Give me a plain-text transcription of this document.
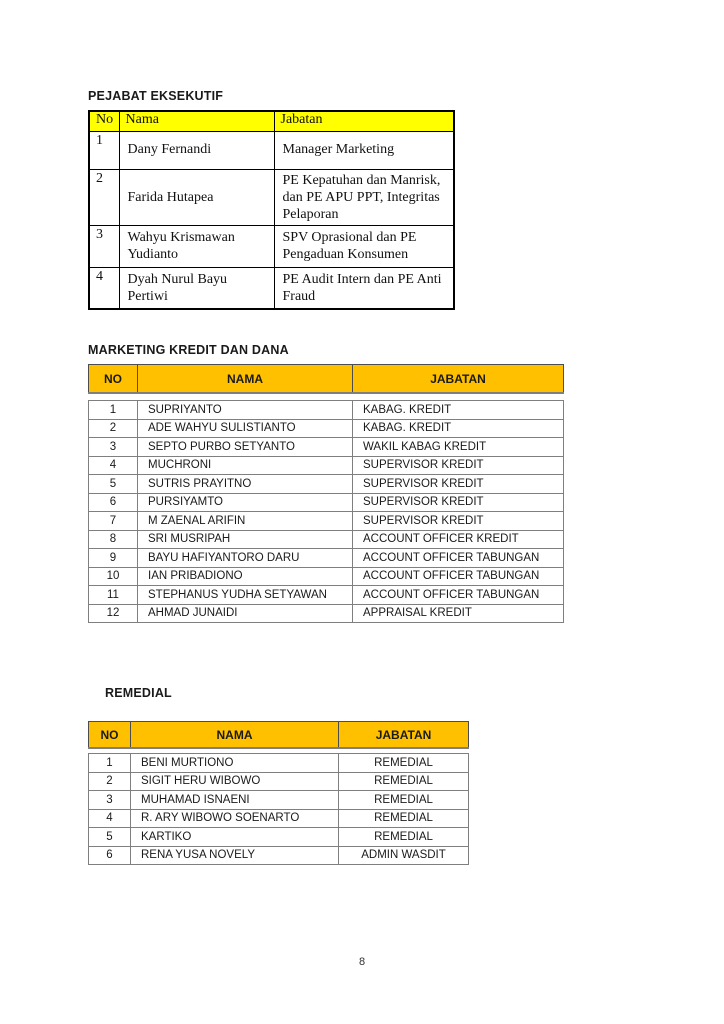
PEJABAT EKSEKUTIF
No	Nama	Jabatan
1	Dany Fernandi	Manager Marketing
2	Farida Hutapea	PE Kepatuhan dan Manrisk, dan PE APU PPT, Integritas Pelaporan
3	Wahyu Krismawan Yudianto	SPV Oprasional dan PE Pengaduan Konsumen
4	Dyah Nurul Bayu Pertiwi	PE Audit Intern dan PE Anti Fraud
MARKETING KREDIT DAN DANA
NO	NAMA	JABATAN
1	SUPRIYANTO	KABAG. KREDIT
2	ADE WAHYU SULISTIANTO	KABAG. KREDIT
3	SEPTO PURBO SETYANTO	WAKIL KABAG KREDIT
4	MUCHRONI	SUPERVISOR KREDIT
5	SUTRIS PRAYITNO	SUPERVISOR KREDIT
6	PURSIYAMTO	SUPERVISOR KREDIT
7	M ZAENAL ARIFIN	SUPERVISOR KREDIT
8	SRI MUSRIPAH	ACCOUNT OFFICER KREDIT
9	BAYU HAFIYANTORO DARU	ACCOUNT OFFICER TABUNGAN
10	IAN PRIBADIONO	ACCOUNT OFFICER TABUNGAN
11	STEPHANUS YUDHA SETYAWAN	ACCOUNT OFFICER TABUNGAN
12	AHMAD JUNAIDI	APPRAISAL KREDIT
REMEDIAL
NO	NAMA	JABATAN
1	BENI MURTIONO	REMEDIAL
2	SIGIT HERU WIBOWO	REMEDIAL
3	MUHAMAD ISNAENI	REMEDIAL
4	R. ARY WIBOWO SOENARTO	REMEDIAL
5	KARTIKO	REMEDIAL
6	RENA YUSA NOVELY	ADMIN WASDIT
8
